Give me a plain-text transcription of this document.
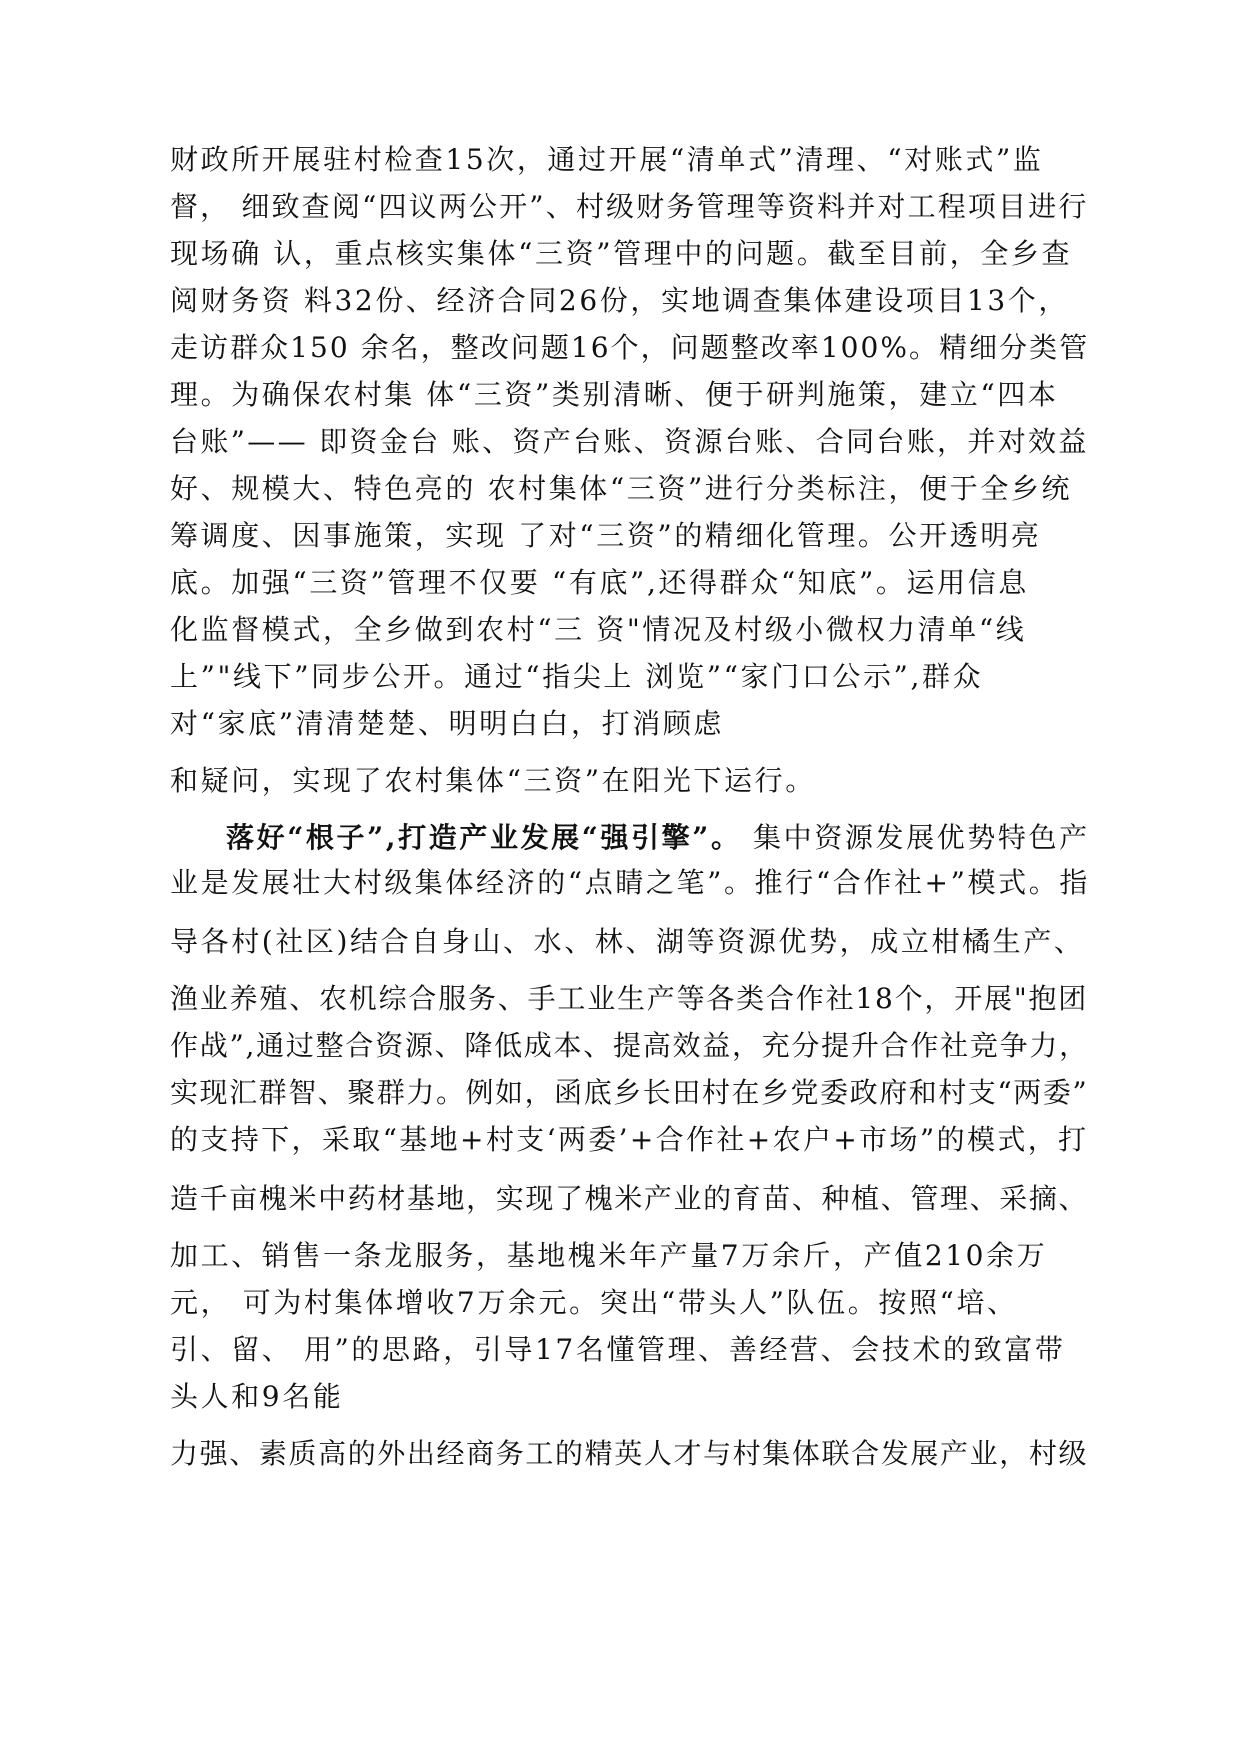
财政所开展驻村检查15次，通过开展“清单式”清理、“对账式”监
督， 细致查阅“四议两公开”、村级财务管理等资料并对工程项目进行
现场确 认，重点核实集体“三资”管理中的问题。截至目前，全乡查
阅财务资 料32份、经济合同26份，实地调查集体建设项目13个，
走访群众150 余名，整改问题16个，问题整改率100%。精细分类管
理。为确保农村集 体“三资”类别清晰、便于研判施策，建立“四本
台账”—— 即资金台 账、资产台账、资源台账、合同台账，并对效益
好、规模大、特色亮的 农村集体“三资”进行分类标注，便于全乡统
筹调度、因事施策，实现 了对“三资”的精细化管理。公开透明亮
底。加强“三资”管理不仅要 “有底”,还得群众“知底”。运用信息
化监督模式，全乡做到农村“三 资"情况及村级小微权力清单“线
上”"线下”同步公开。通过“指尖上 浏览”“家门口公示”,群众
对“家底”清清楚楚、明明白白，打消顾虑
和疑问，实现了农村集体“三资”在阳光下运行。
落好“根子”,打造产业发展“强引擎”。 集中资源发展优势特色产
业是发展壮大村级集体经济的“点睛之笔”。推行“合作社+”模式。指
导各村(社区)结合自身山、水、林、湖等资源优势，成立柑橘生产、
渔业养殖、农机综合服务、手工业生产等各类合作社18个，开展"抱团
作战”,通过整合资源、降低成本、提高效益，充分提升合作社竞争力，
实现汇群智、聚群力。例如，函底乡长田村在乡党委政府和村支“两委”
的支持下，采取“基地+村支‘两委’+合作社+农户+市场”的模式，打
造千亩槐米中药材基地，实现了槐米产业的育苗、种植、管理、采摘、
加工、销售一条龙服务，基地槐米年产量7万余斤，产值210余万
元， 可为村集体增收7万余元。突出“带头人”队伍。按照“培、
引、留、 用”的思路，引导17名懂管理、善经营、会技术的致富带
头人和9名能
力强、素质高的外出经商务工的精英人才与村集体联合发展产业，村级
